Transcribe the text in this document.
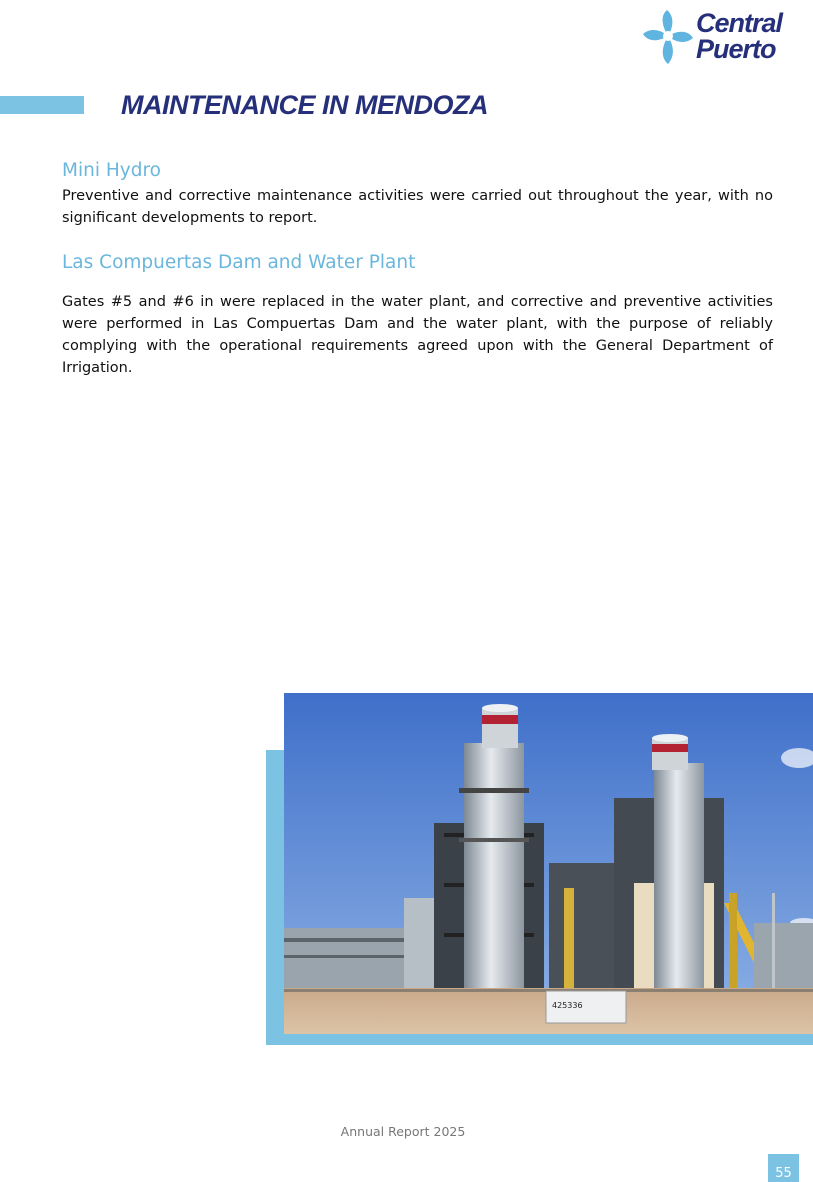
Central
Puerto
MAINTENANCE IN MENDOZA
Mini Hydro

Preventive and corrective maintenance activities were carried out throughout the year, with no significant developments to report.

Las Compuertas Dam and Water Plant

Gates #5 and #6 in were replaced in the water plant, and corrective and preventive activities were performed in Las Compuertas Dam and the water plant, with the purpose of reliably complying with the operational requirements agreed upon with the General Department of Irrigation.

425336

Annual Report 2025

55
